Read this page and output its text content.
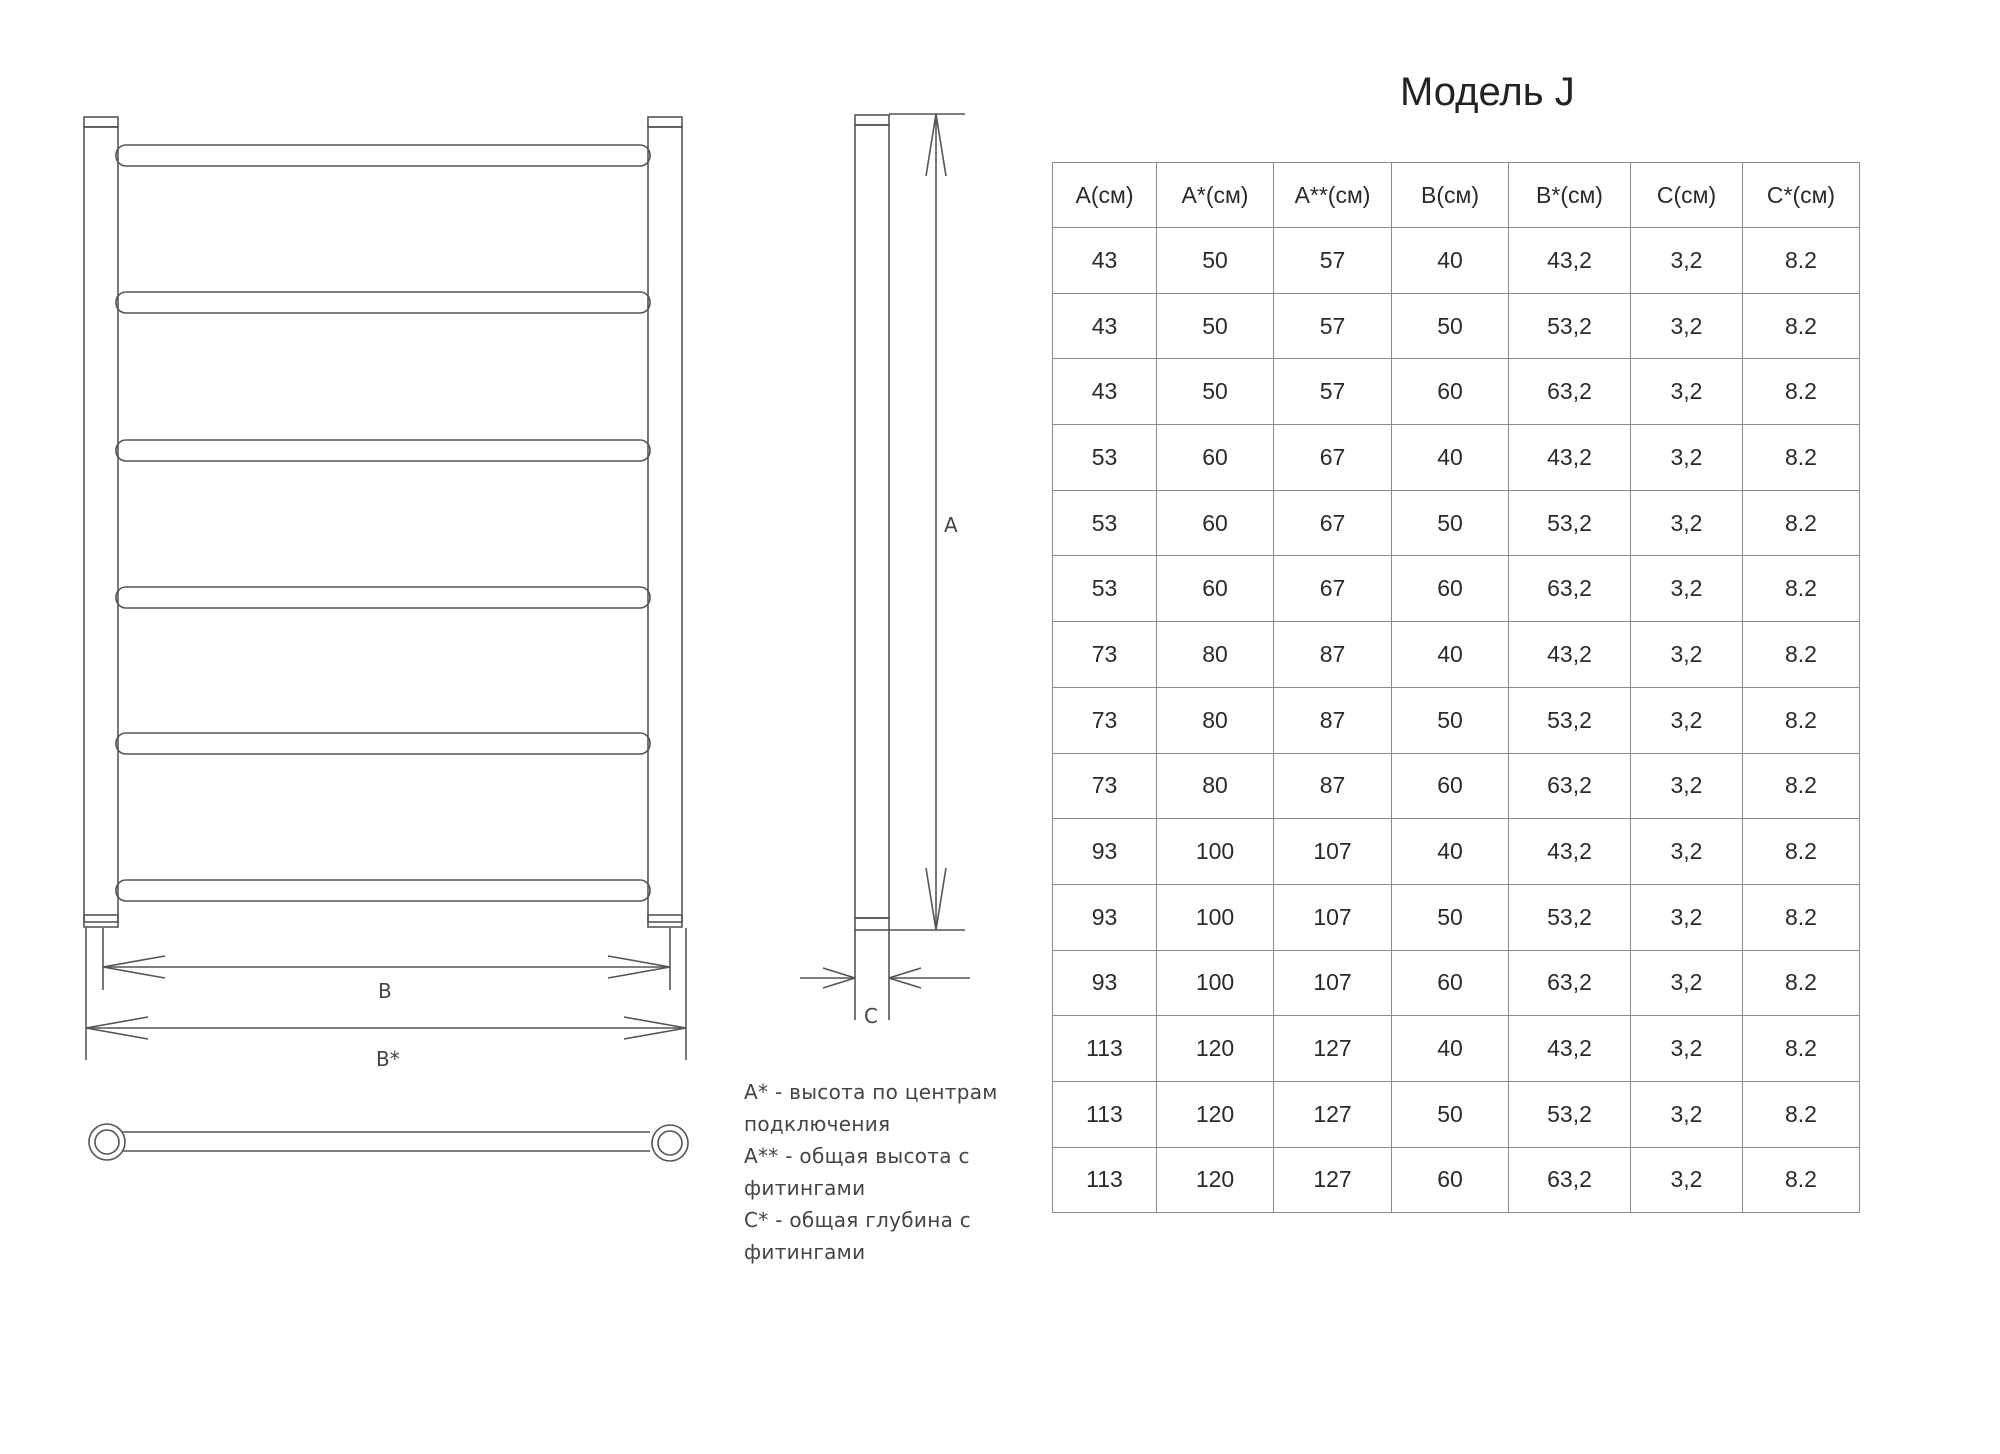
B
B*
A
C
A* - высота по центрам
подключения
A** - общая высота с
фитингами
C* - общая глубина с
фитингами
Модель J
A(см)	A*(см)	A**(см)	B(см)	B*(см)	C(см)	C*(см)
43	50	57	40	43,2	3,2	8.2
43	50	57	50	53,2	3,2	8.2
43	50	57	60	63,2	3,2	8.2
53	60	67	40	43,2	3,2	8.2
53	60	67	50	53,2	3,2	8.2
53	60	67	60	63,2	3,2	8.2
73	80	87	40	43,2	3,2	8.2
73	80	87	50	53,2	3,2	8.2
73	80	87	60	63,2	3,2	8.2
93	100	107	40	43,2	3,2	8.2
93	100	107	50	53,2	3,2	8.2
93	100	107	60	63,2	3,2	8.2
113	120	127	40	43,2	3,2	8.2
113	120	127	50	53,2	3,2	8.2
113	120	127	60	63,2	3,2	8.2
